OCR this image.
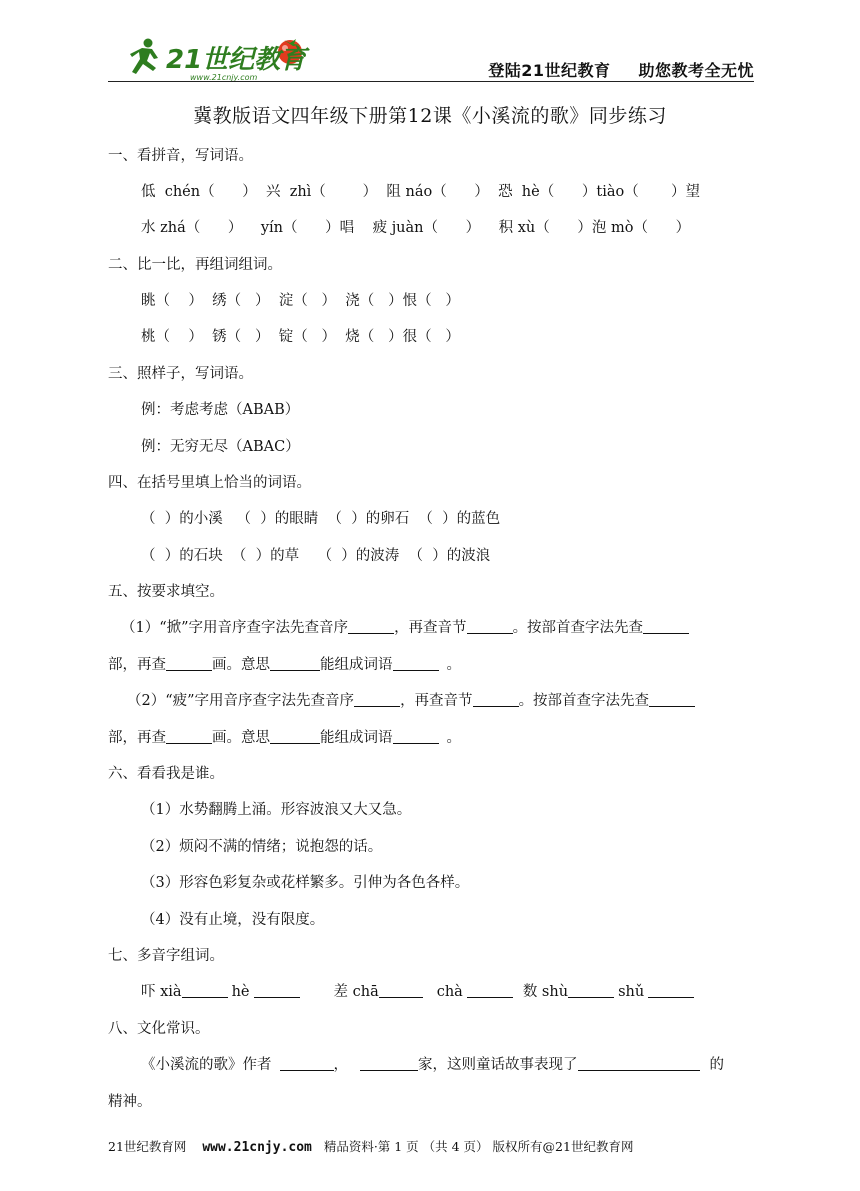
21世纪教育
www.21cnjy.com	登陆21世纪教育 助您教考全无忧
冀教版语文四年级下册第12课《小溪流的歌》同步练习
一、看拼音，写词语。
低  chén（      ）  兴  zhì（        ）  阻 náo（      ）  恐  hè（      ）tiào（       ）望
水 zhá（      ）    yín（      ）唱    疲 juàn（      ）    积 xù（      ）泡 mò（      ）
二、比一比，再组词组词。
眺（    ）  绣（   ）  淀（   ）  浇（   ）恨（   ）
桃（    ）  锈（   ）  锭（   ）  烧（   ）很（   ）
三、照样子，写词语。
例：考虑考虑（ABAB）
例：无穷无尽（ABAC）
四、在括号里填上恰当的词语。
（  ）的小溪   （  ）的眼睛  （  ）的卵石  （  ）的蓝色
（  ）的石块  （  ）的草    （  ）的波涛  （  ）的波浪
五、按要求填空。
（1）“掀”字用音序查字法先查音序	，再查音节	。按部首查字法先查
部，再查	画。意思	能组成词语	。
（2）“疲”字用音序查字法先查音序	，再查音节	。按部首查字法先查
部，再查	画。意思	能组成词语	。
六、看看我是谁。
（1）水势翻腾上涌。形容波浪又大又急。
（2）烦闷不满的情绪；说抱怨的话。
（3）形容色彩复杂或花样繁多。引伸为各色各样。
（4）没有止境，没有限度。
七、多音字组词。
吓 xià	hè	差 chā	chà	数 shù	shǔ
八、文化常识。
《小溪流的歌》作者	，	家，这则童话故事表现了	的
精神。
21世纪教育网 www.21cnjy.com 精品资料·第 1 页 （共 4 页） 版权所有@21世纪教育网
